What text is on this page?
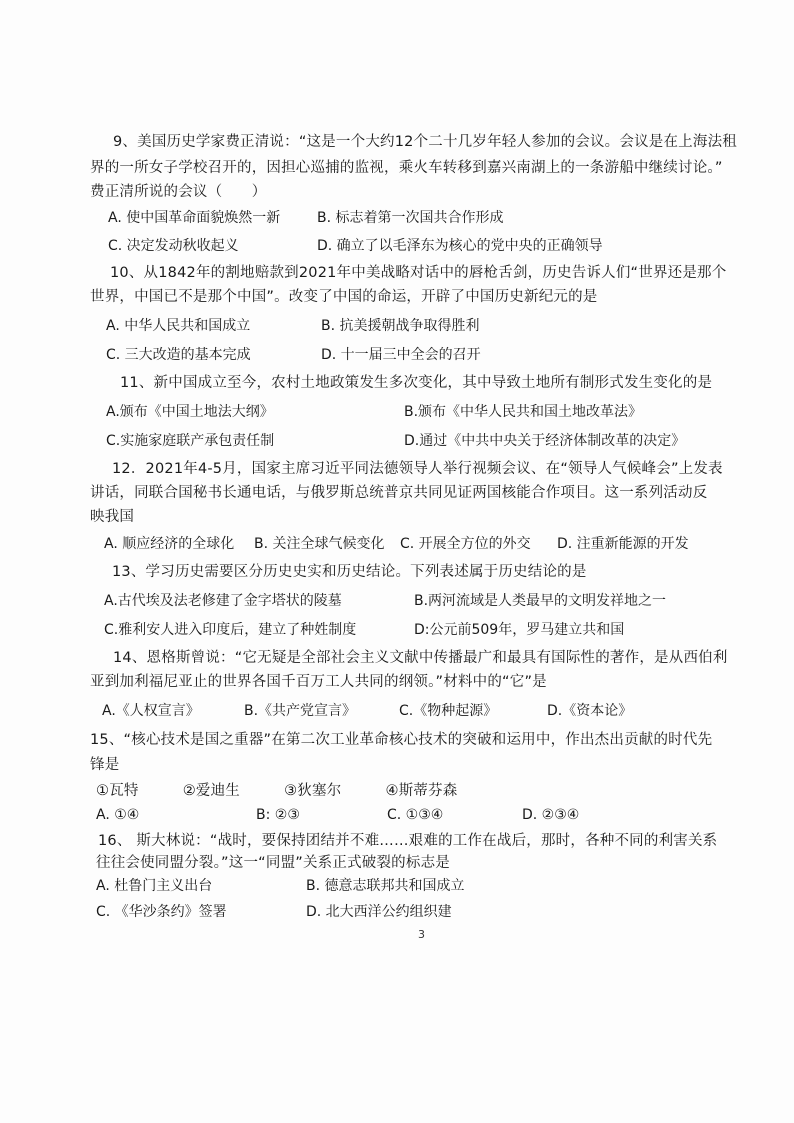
9、美国历史学家费正清说：“这是一个大约12个二十几岁年轻人参加的会议。会议是在上海法租
界的一所女子学校召开的，因担心巡捕的监视，乘火车转移到嘉兴南湖上的一条游船中继续讨论。”
费正清所说的会议（　　）
A. 使中国革命面貌焕然一新	B. 标志着第一次国共合作形成
C. 决定发动秋收起义	D. 确立了以毛泽东为核心的党中央的正确领导
10、从1842年的割地赔款到2021年中美战略对话中的唇枪舌剑，历史告诉人们“世界还是那个
世界，中国已不是那个中国”。改变了中国的命运，开辟了中国历史新纪元的是
A. 中华人民共和国成立	B. 抗美援朝战争取得胜利
C. 三大改造的基本完成	D. 十一届三中全会的召开
11、新中国成立至今，农村土地政策发生多次变化，其中导致土地所有制形式发生变化的是
A.颁布《中国土地法大纲》	B.颁布《中华人民共和国土地改革法》
C.实施家庭联产承包责任制	D.通过《中共中央关于经济体制改革的决定》
12．2021年4-5月，国家主席习近平同法德领导人举行视频会议、在“领导人气候峰会”上发表
讲话，同联合国秘书长通电话，与俄罗斯总统普京共同见证两国核能合作项目。这一系列活动反
映我国
A. 顺应经济的全球化 B. 关注全球气候变化 C. 开展全方位的外交 D. 注重新能源的开发
13、学习历史需要区分历史史实和历史结论。下列表述属于历史结论的是
A.古代埃及法老修建了金字塔状的陵墓	B.两河流域是人类最早的文明发祥地之一
C.雅利安人进入印度后，建立了种姓制度	D:公元前509年，罗马建立共和国
14、恩格斯曾说：“它无疑是全部社会主义文献中传播最广和最具有国际性的著作，是从西伯利
亚到加利福尼亚止的世界各国千百万工人共同的纲领。”材料中的“它”是
A.《人权宣言》	B.《共产党宣言》	C.《物种起源》	D.《资本论》
15、“核心技术是国之重器”在第二次工业革命核心技术的突破和运用中，作出杰出贡献的时代先
锋是
①瓦特　　　②爱迪生　　　③狄塞尔　　　④斯蒂芬森
A. ①④	B: ②③	C. ①③④	D. ②③④
16、 斯大林说：“战时，要保持团结并不难……艰难的工作在战后，那时，各种不同的利害关系
往往会使同盟分裂。”这一“同盟”关系正式破裂的标志是
A. 杜鲁门主义出台	B. 德意志联邦共和国成立
C. 《华沙条约》签署	D. 北大西洋公约组织建
3
